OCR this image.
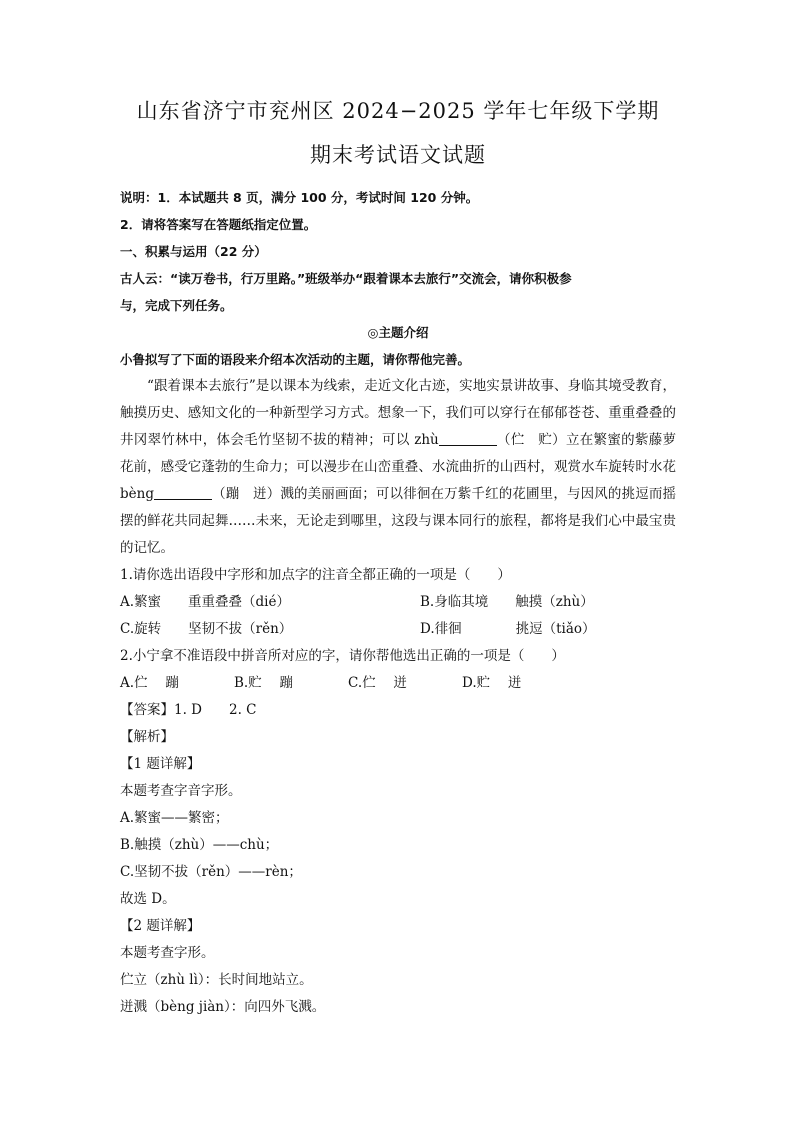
山东省济宁市兖州区 2024−2025 学年七年级下学期
期末考试语文试题
说明：1．本试题共 8 页，满分 100 分，考试时间 120 分钟。
2．请将答案写在答题纸指定位置。
一、积累与运用（22 分）
古人云：“读万卷书，行万里路。”班级举办“跟着课本去旅行”交流会，请你积极参
与，完成下列任务。
◎主题介绍
小鲁拟写了下面的语段来介绍本次活动的主题，请你帮他完善。
“跟着课本去旅行”是以课本为线索，走近文化古迹，实地实景讲故事、身临其境受教育，触摸历史、感知文化的一种新型学习方式。想象一下，我们可以穿行在郁郁苍苍、重重叠叠的井冈翠竹林中，体会毛竹坚韧不拔的精神；可以 zhù	（伫　贮）立在繁蜜的紫藤萝花前，感受它蓬勃的生命力；可以漫步在山峦重叠、水流曲折的山西村，观赏水车旋转时水花 bèng	（蹦　迸）溅的美丽画面；可以徘徊在万紫千红的花圃里，与因风的挑逗而摇摆的鲜花共同起舞……未来，无论走到哪里，这段与课本同行的旅程，都将是我们心中最宝贵的记忆。
1.请你选出语段中字形和加点字的注音全都正确的一项是（　　）
A.繁蜜　　重重叠叠（dié）	B.身临其境　　触摸（zhù）
C.旋转　　坚韧不拔（rěn）	D.徘徊　　　　挑逗（tiǎo）
2.小宁拿不准语段中拼音所对应的字，请你帮他选出正确的一项是（　　）
A.伫　 蹦	B.贮　 蹦	C.伫　 迸	D.贮　 迸
【答案】1. D　　2. C
【解析】
【1 题详解】
本题考查字音字形。
A.繁蜜——繁密；
B.触摸（zhù）——chù；
C.坚韧不拔（rěn）——rèn；
故选 D。
【2 题详解】
本题考查字形。
伫立（zhù lì）：长时间地站立。
迸溅（bèng jiàn）：向四外飞溅。
